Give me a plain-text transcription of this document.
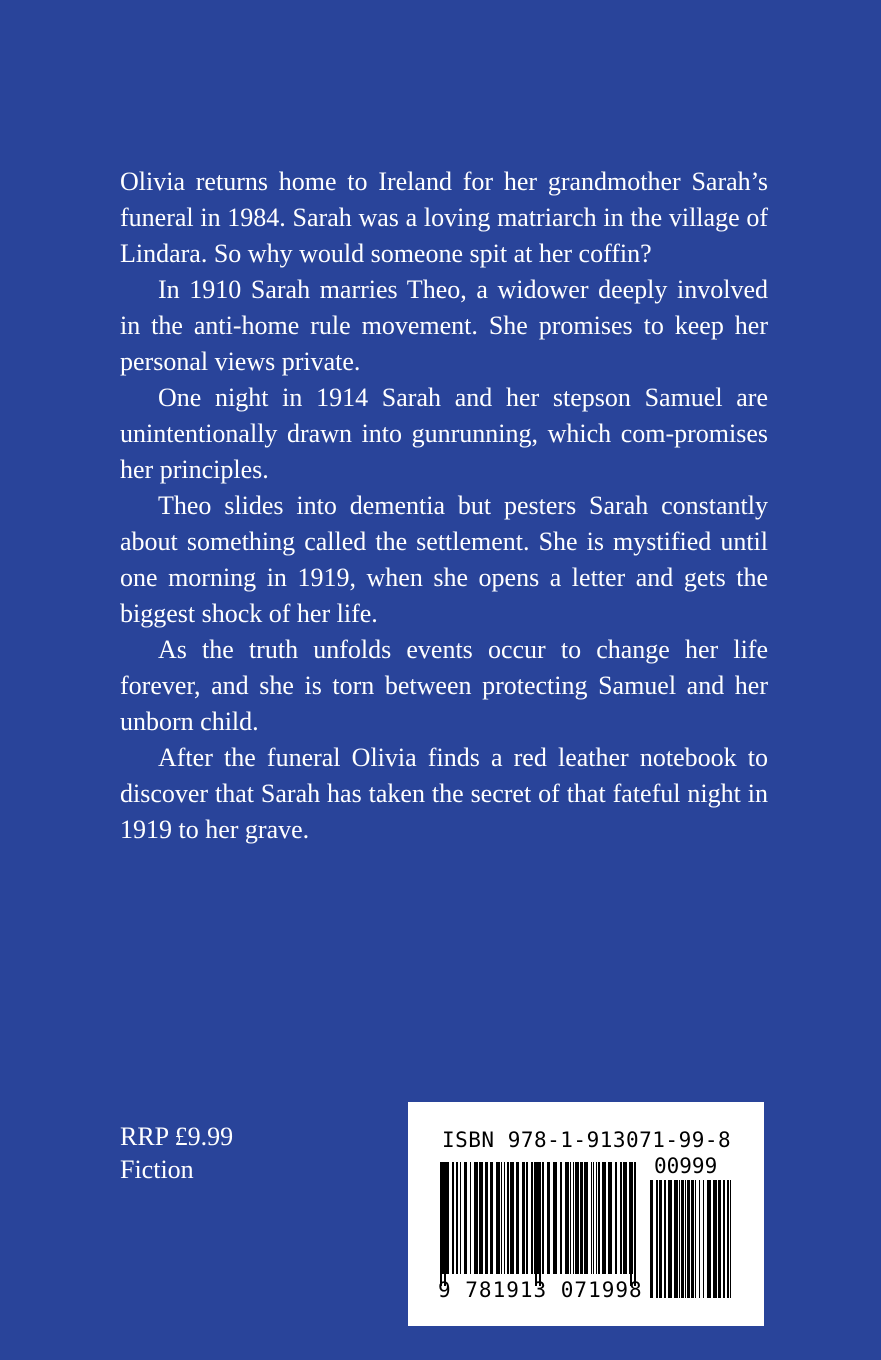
Olivia returns home to Ireland for her grandmother Sarah’s funeral in 1984. Sarah was a loving matriarch in the village of Lindara. So why would someone spit at her coffin?

In 1910 Sarah marries Theo, a widower deeply involved in the anti-home rule movement. She promises to keep her personal views private.

One night in 1914 Sarah and her stepson Samuel are unintentionally drawn into gunrunning, which com-promises her principles.

Theo slides into dementia but pesters Sarah constantly about something called the settlement. She is mystified until one morning in 1919, when she opens a letter and gets the biggest shock of her life.

As the truth unfolds events occur to change her life forever, and she is torn between protecting Samuel and her unborn child.

After the funeral Olivia finds a red leather notebook to discover that Sarah has taken the secret of that fateful night in 1919 to her grave.

RRP £9.99
Fiction
ISBN 978-1-913071-99-8
00999
9 781913 071998
